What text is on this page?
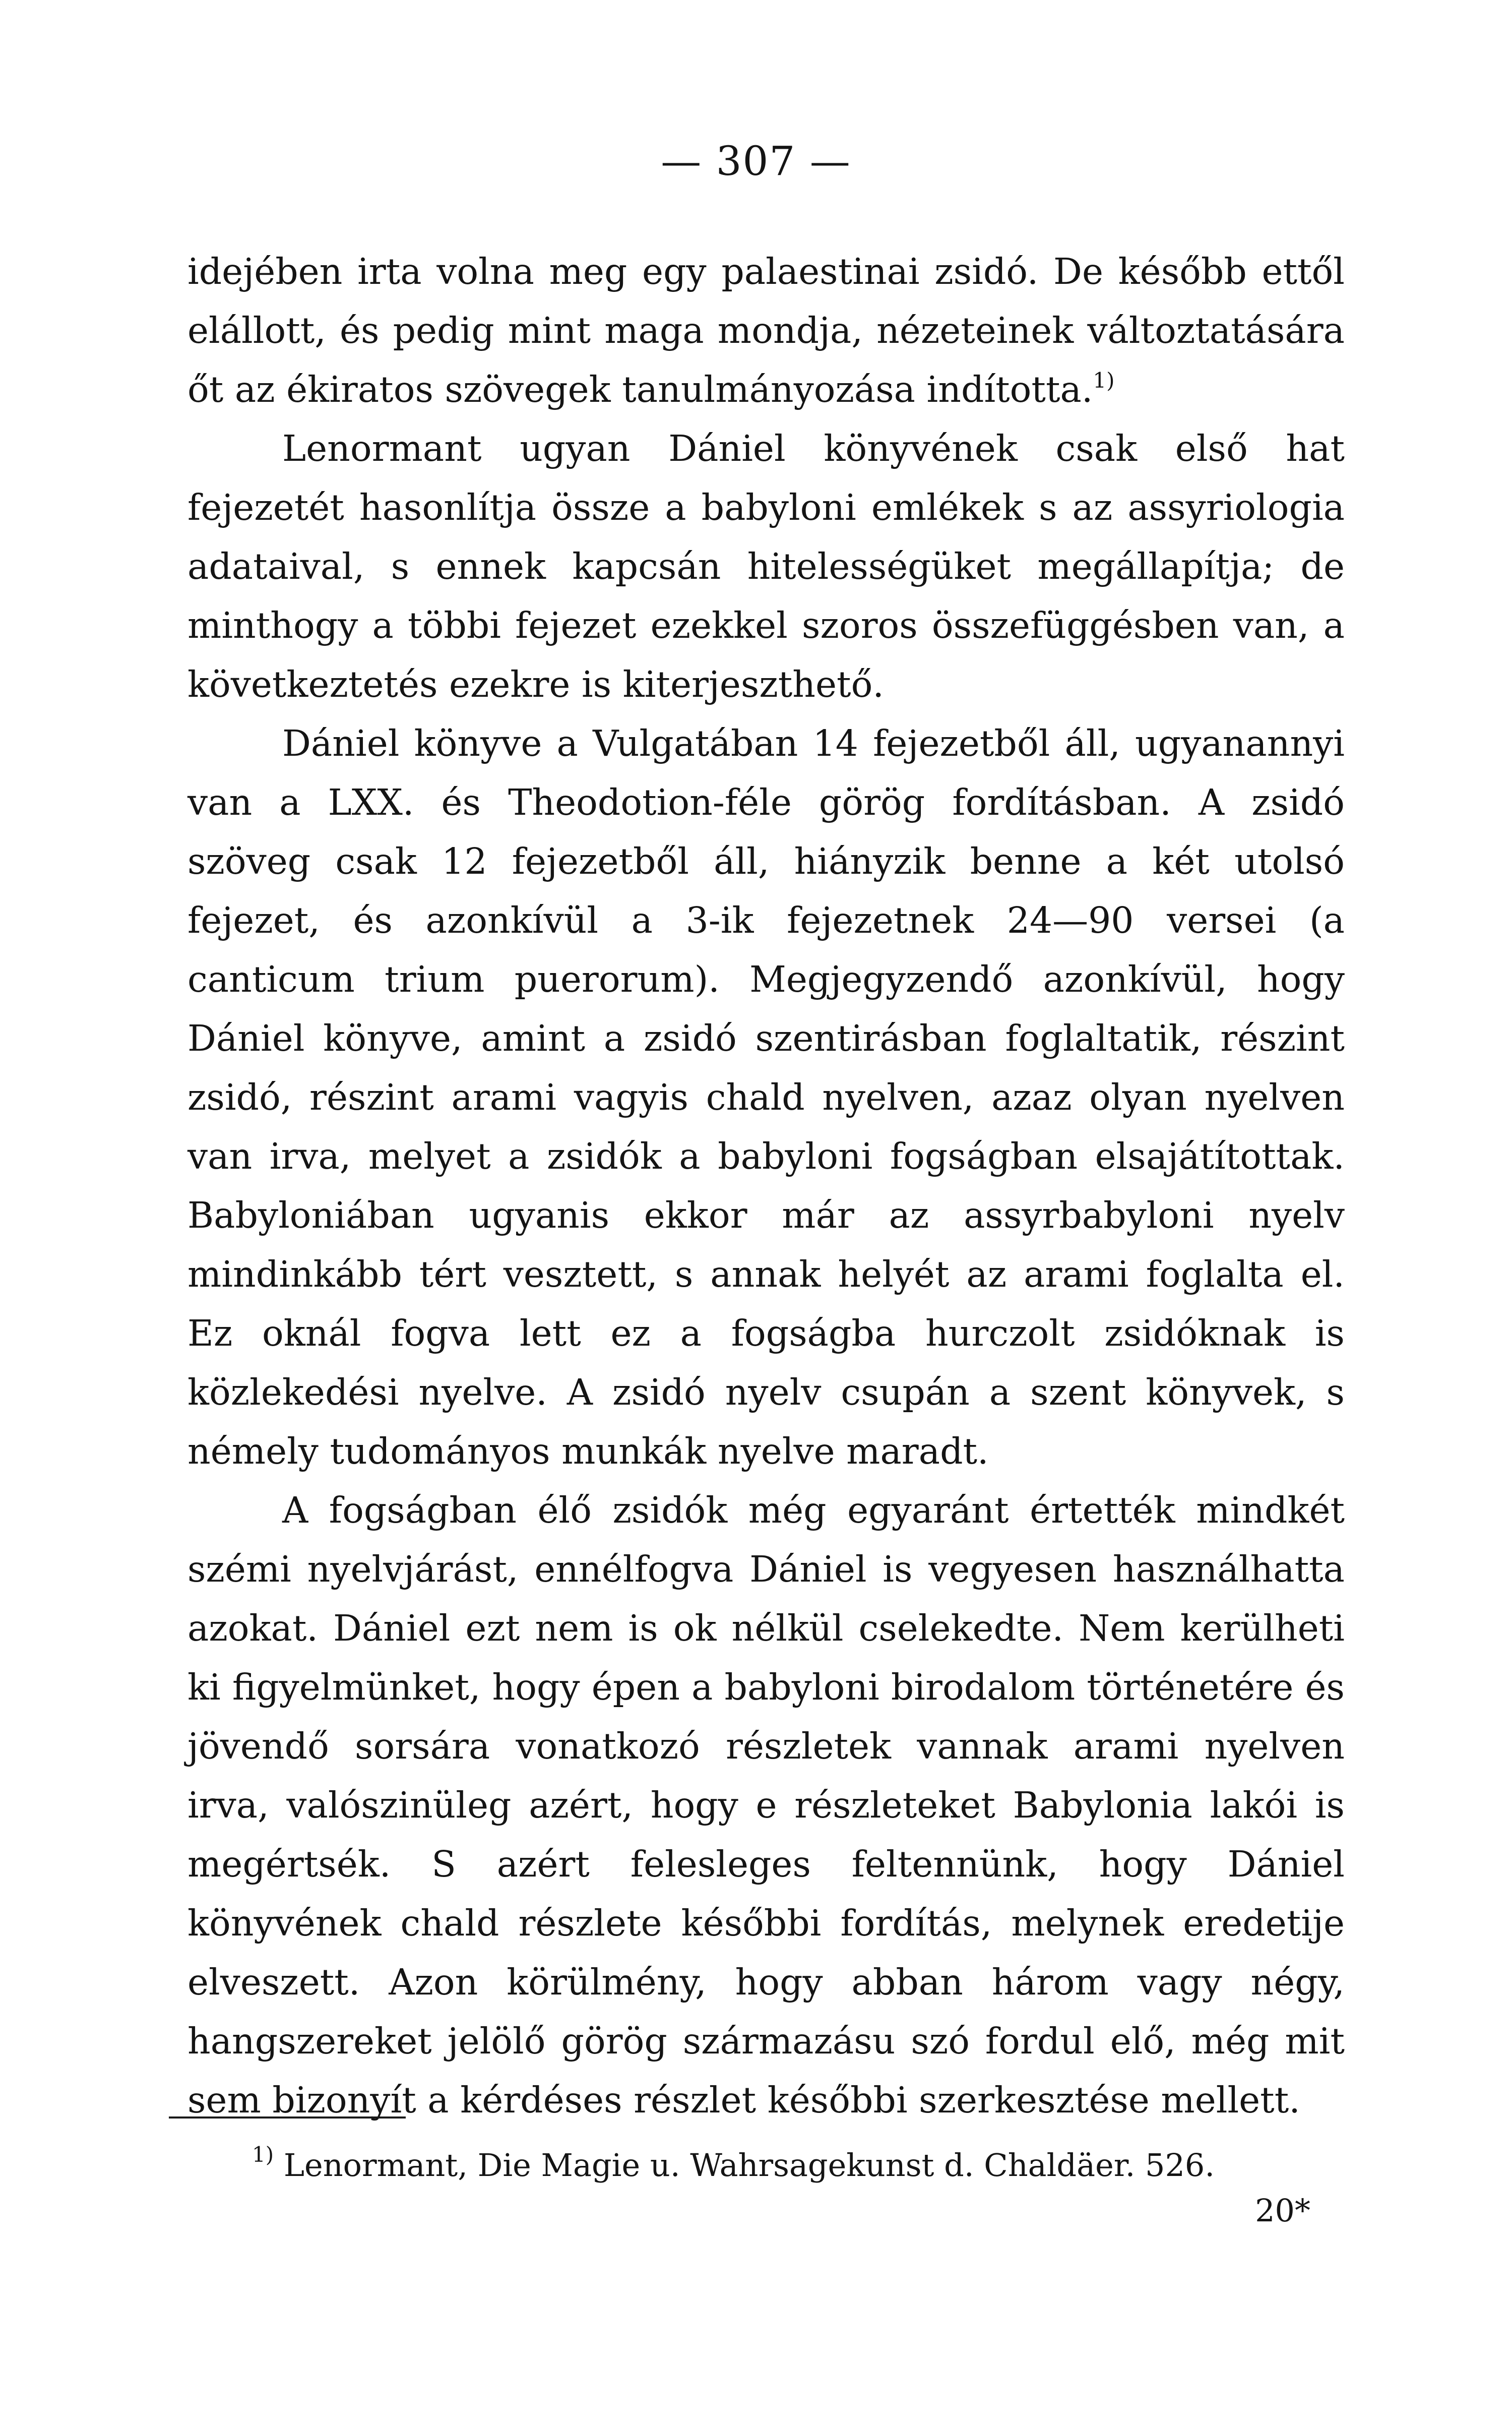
— 307 —

idejében irta volna meg egy palaestinai zsidó. De később ettől elállott, és pedig mint maga mondja, nézeteinek változtatására őt az ékiratos szövegek tanulmányozása indította.$^{1)}$

Lenormant ugyan Dániel könyvének csak első hat fejezetét hasonlítja össze a babyloni emlékek s az assyriologia adataival, s ennek kapcsán hitelességüket megállapítja; de minthogy a többi fejezet ezekkel szoros összefüggésben van, a következtetés ezekre is kiterjeszthető.

Dániel könyve a Vulgatában 14 fejezetből áll, ugyanannyi van a LXX. és Theodotion-féle görög fordításban. A zsidó szöveg csak 12 fejezetből áll, hiányzik benne a két utolsó fejezet, és azonkívül a 3-ik fejezetnek 24—90 versei (a canticum trium puerorum). Megjegyzendő azonkívül, hogy Dániel könyve, amint a zsidó szentirásban foglaltatik, részint zsidó, részint arami vagyis chald nyelven, azaz olyan nyelven van irva, melyet a zsidók a babyloni fogságban elsajátítottak. Babyloniában ugyanis ekkor már az assyrbabyloni nyelv mindinkább tért vesztett, s annak helyét az arami foglalta el. Ez oknál fogva lett ez a fogságba hurczolt zsidóknak is közlekedési nyelve. A zsidó nyelv csupán a szent könyvek, s némely tudományos munkák nyelve maradt.

A fogságban élő zsidók még egyaránt értették mindkét szémi nyelvjárást, ennélfogva Dániel is vegyesen használhatta azokat. Dániel ezt nem is ok nélkül cselekedte. Nem kerülheti ki figyelmünket, hogy épen a babyloni birodalom történetére és jövendő sorsára vonatkozó részletek vannak arami nyelven irva, valószinüleg azért, hogy e részleteket Babylonia lakói is megértsék. S azért felesleges feltennünk, hogy Dániel könyvének chald részlete későbbi fordítás, melynek eredetije elveszett. Azon körülmény, hogy abban három vagy négy, hangszereket jelölő görög származásu szó fordul elő, még mit sem bizonyít a kérdéses részlet későbbi szerkesztése mellett.

$^{1)}$ Lenormant, Die Magie u. Wahrsagekunst d. Chaldäer. 526.
20*
